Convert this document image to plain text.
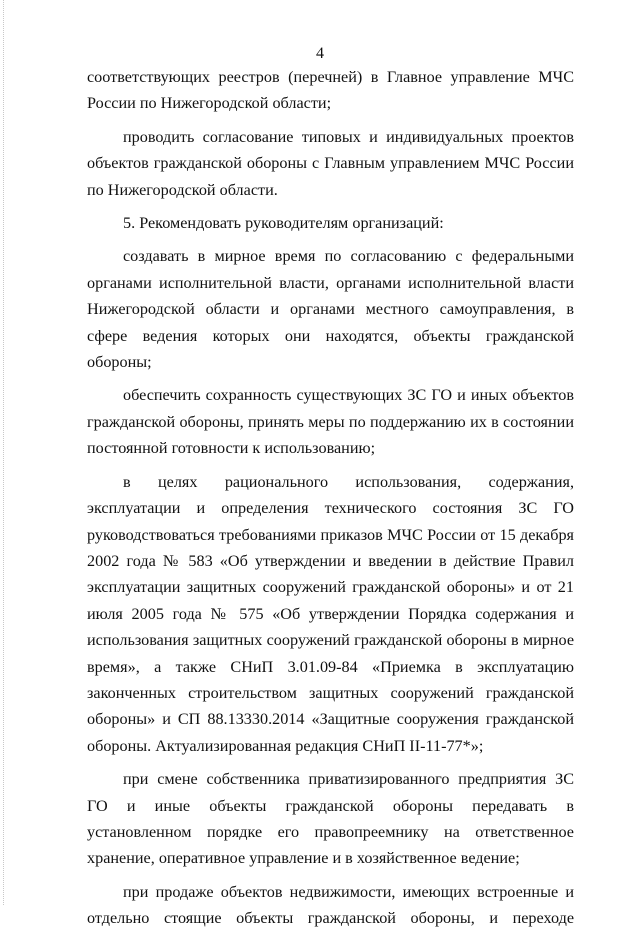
4

соответствующих реестров (перечней) в Главное управление МЧС России по Нижегородской области;

проводить согласование типовых и индивидуальных проектов объектов гражданской обороны с Главным управлением МЧС России по Нижегородской области.

5. Рекомендовать руководителям организаций:

создавать в мирное время по согласованию с федеральными органами исполнительной власти, органами исполнительной власти Нижегородской области и органами местного самоуправления, в сфере ведения которых они находятся, объекты гражданской обороны;

обеспечить сохранность существующих ЗС ГО и иных объектов гражданской обороны, принять меры по поддержанию их в состоянии постоянной готовности к использованию;

в целях рационального использования, содержания, эксплуатации и определения технического состояния ЗС ГО руководствоваться требованиями приказов МЧС России от 15 декабря 2002 года № 583 «Об утверждении и введении в действие Правил эксплуатации защитных сооружений гражданской обороны» и от 21 июля 2005 года № 575 «Об утверждении Порядка содержания и использования защитных сооружений гражданской обороны в мирное время», а также СНиП 3.01.09-84 «Приемка в эксплуатацию законченных строительством защитных сооружений гражданской обороны» и СП 88.13330.2014 «Защитные сооружения гражданской обороны. Актуализированная редакция СНиП II-11-77*»;

при смене собственника приватизированного предприятия ЗС ГО и иные объекты гражданской обороны передавать в установленном порядке его правопреемнику на ответственное хранение, оперативное управление и в хозяйственное ведение;

при продаже объектов недвижимости, имеющих встроенные и отдельно стоящие объекты гражданской обороны, и переходе
